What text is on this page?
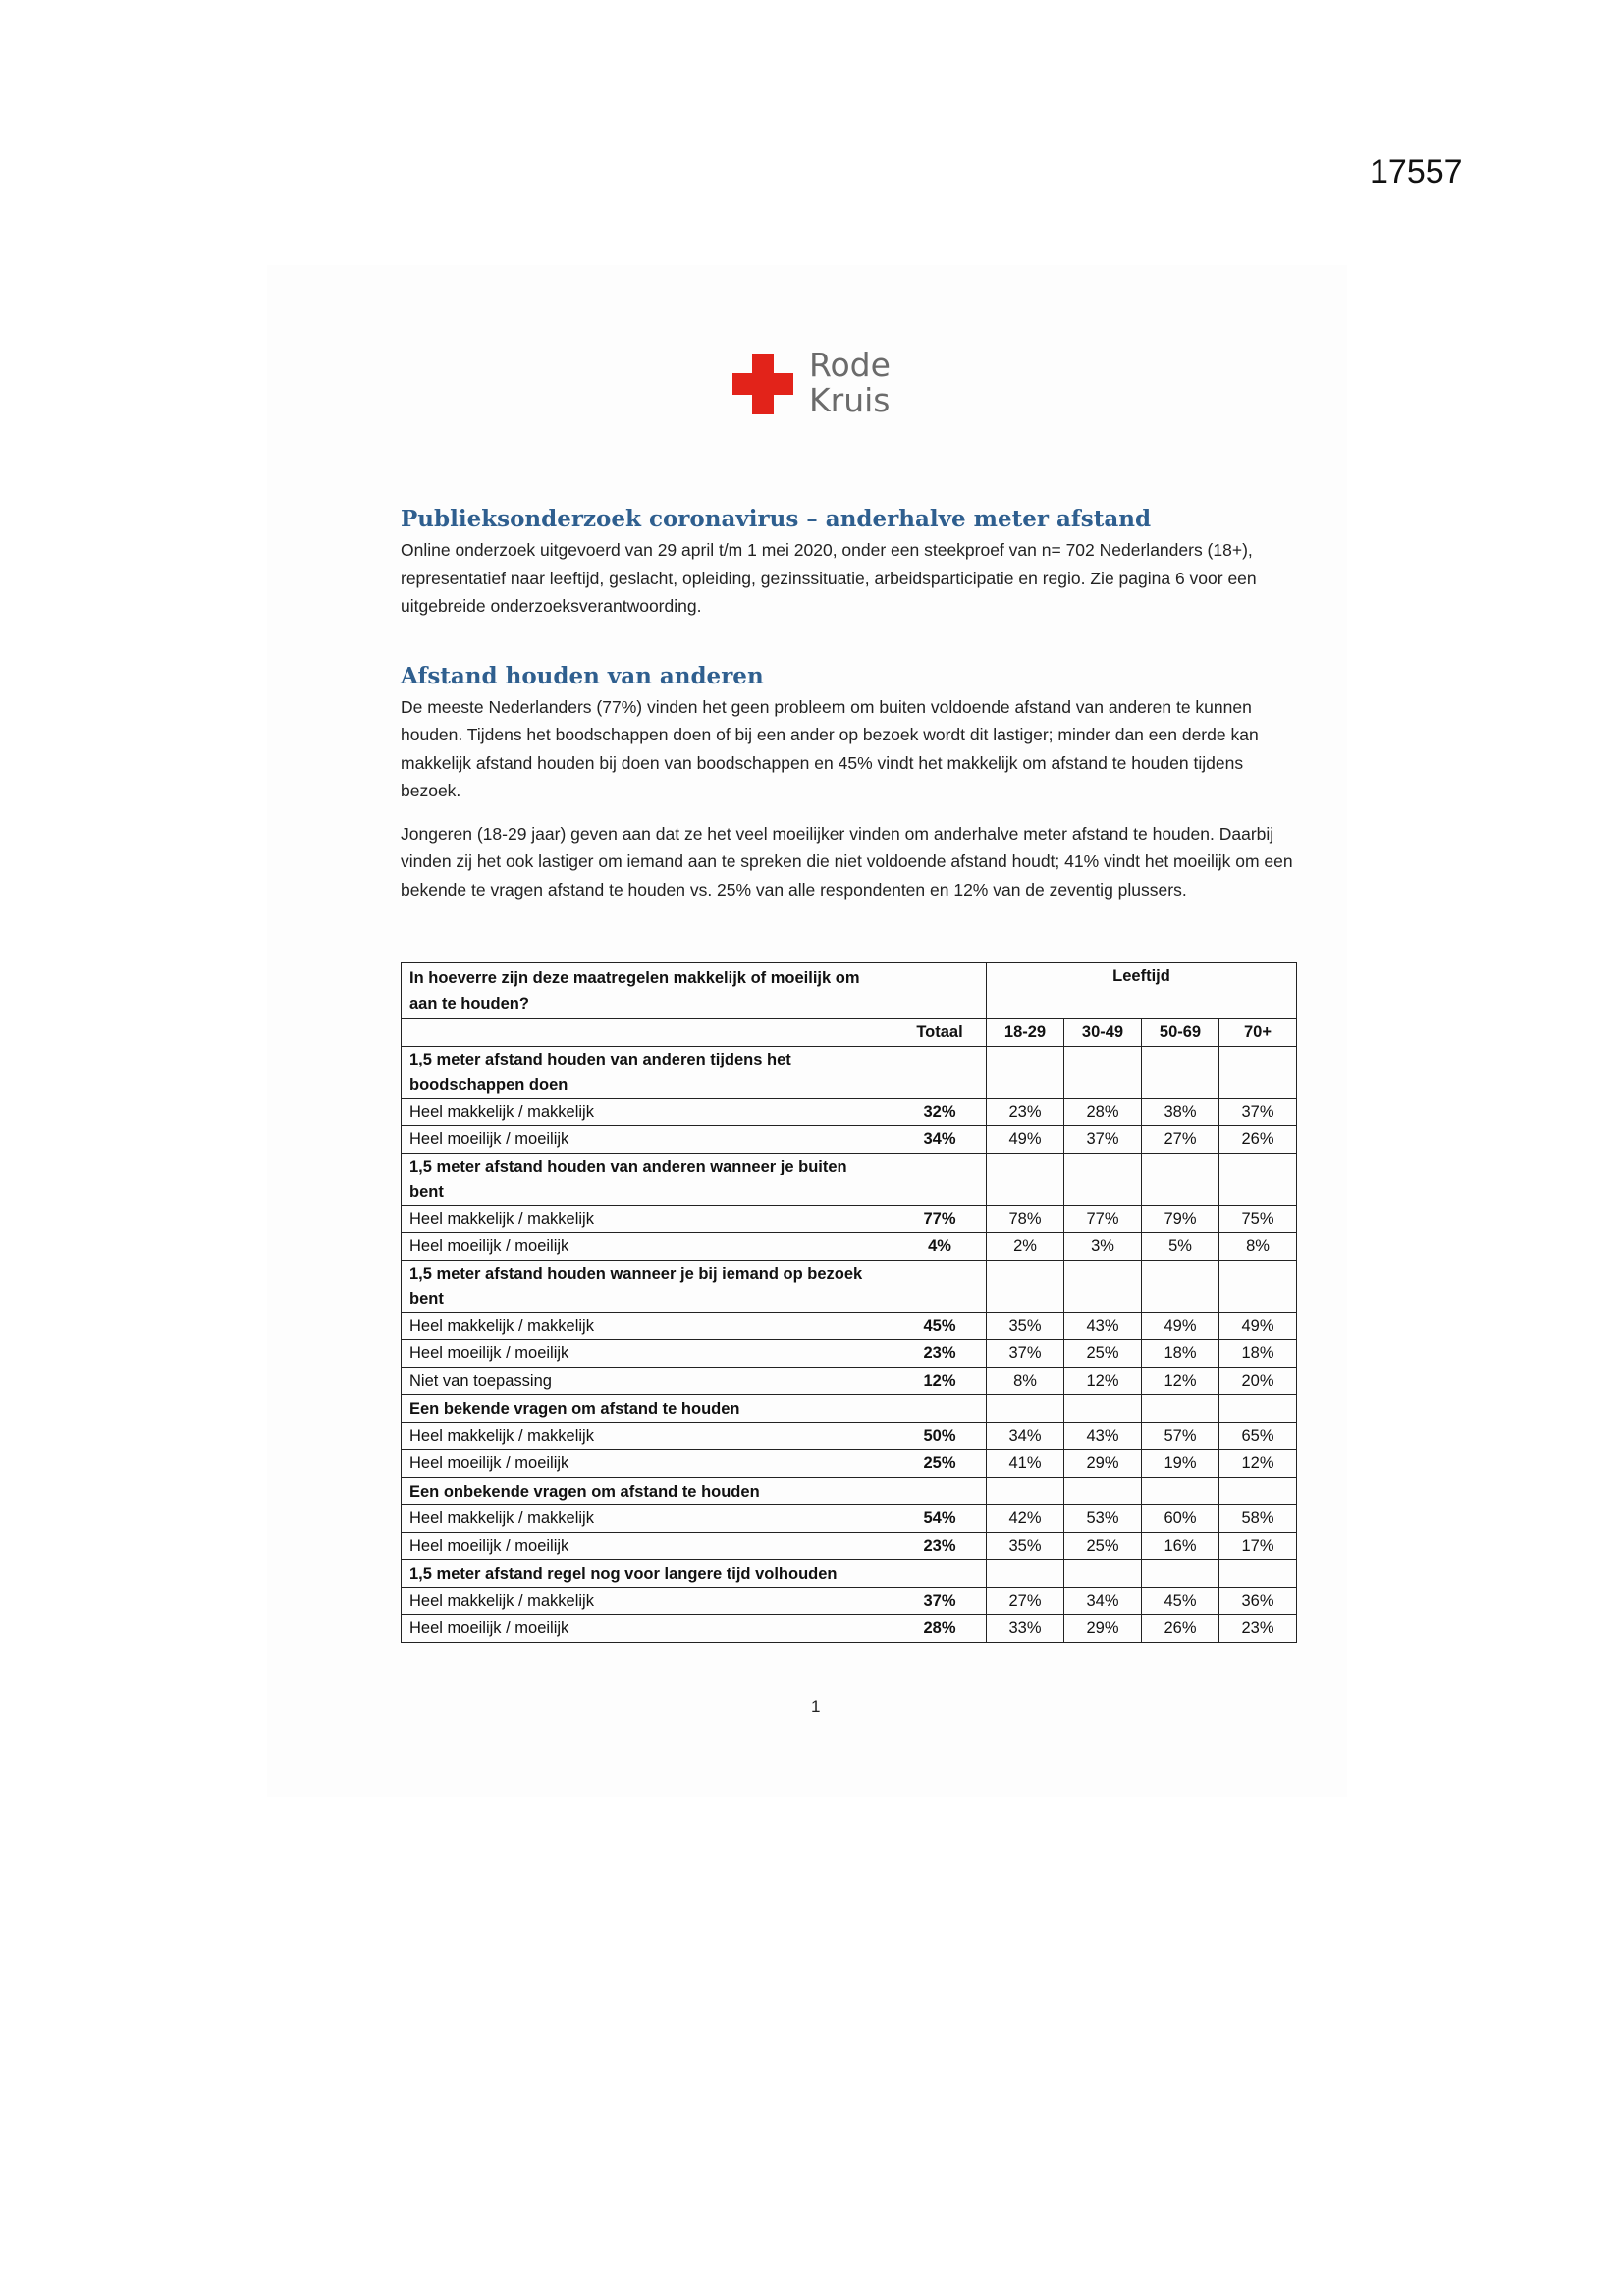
17557
Rode
Kruis
Publieksonderzoek coronavirus – anderhalve meter afstand

Online onderzoek uitgevoerd van 29 april t/m 1 mei 2020, onder een steekproef van n= 702 Nederlanders (18+), representatief naar leeftijd, geslacht, opleiding, gezinssituatie, arbeidsparticipatie en regio. Zie pagina 6 voor een uitgebreide onderzoeksverantwoording.

Afstand houden van anderen

De meeste Nederlanders (77%) vinden het geen probleem om buiten voldoende afstand van anderen te kunnen houden. Tijdens het boodschappen doen of bij een ander op bezoek wordt dit lastiger; minder dan een derde kan makkelijk afstand houden bij doen van boodschappen en 45% vindt het makkelijk om afstand te houden tijdens bezoek.

Jongeren (18-29 jaar) geven aan dat ze het veel moeilijker vinden om anderhalve meter afstand te houden. Daarbij vinden zij het ook lastiger om iemand aan te spreken die niet voldoende afstand houdt; 41% vindt het moeilijk om een bekende te vragen afstand te houden vs. 25% van alle respondenten en 12% van de zeventig plussers.

In hoeverre zijn deze maatregelen makkelijk of moeilijk om aan te houden?		Leeftijd			
	Totaal	18-29	30-49	50-69	70+
1,5 meter afstand houden van anderen tijdens het boodschappen doen					
Heel makkelijk / makkelijk	32%	23%	28%	38%	37%
Heel moeilijk / moeilijk	34%	49%	37%	27%	26%
1,5 meter afstand houden van anderen wanneer je buiten bent					
Heel makkelijk / makkelijk	77%	78%	77%	79%	75%
Heel moeilijk / moeilijk	4%	2%	3%	5%	8%
1,5 meter afstand houden wanneer je bij iemand op bezoek bent					
Heel makkelijk / makkelijk	45%	35%	43%	49%	49%
Heel moeilijk / moeilijk	23%	37%	25%	18%	18%
Niet van toepassing	12%	8%	12%	12%	20%
Een bekende vragen om afstand te houden					
Heel makkelijk / makkelijk	50%	34%	43%	57%	65%
Heel moeilijk / moeilijk	25%	41%	29%	19%	12%
Een onbekende vragen om afstand te houden					
Heel makkelijk / makkelijk	54%	42%	53%	60%	58%
Heel moeilijk / moeilijk	23%	35%	25%	16%	17%
1,5 meter afstand regel nog voor langere tijd volhouden					
Heel makkelijk / makkelijk	37%	27%	34%	45%	36%
Heel moeilijk / moeilijk	28%	33%	29%	26%	23%
1
